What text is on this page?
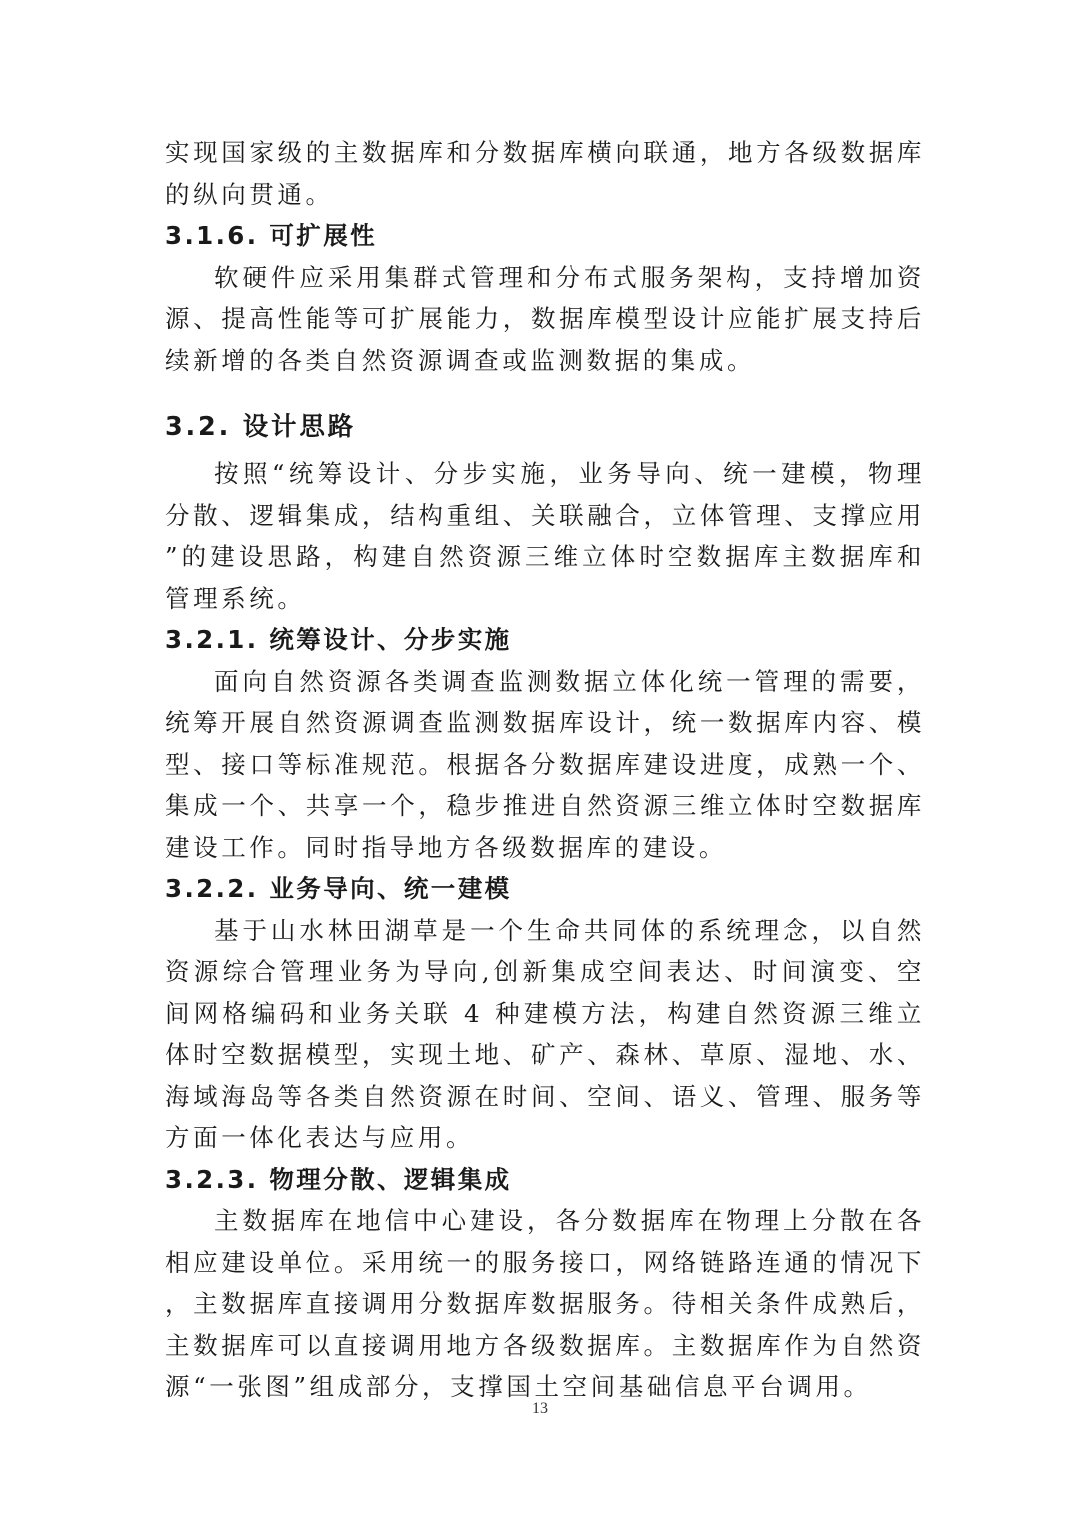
实现国家级的主数据库和分数据库横向联通，地方各级数据库的纵向贯通。

3.1.6. 可扩展性

软硬件应采用集群式管理和分布式服务架构，支持增加资源、提高性能等可扩展能力，数据库模型设计应能扩展支持后续新增的各类自然资源调查或监测数据的集成。

3.2. 设计思路

按照“统筹设计、分步实施，业务导向、统一建模，物理分散、逻辑集成，结构重组、关联融合，立体管理、支撑应用”的建设思路，构建自然资源三维立体时空数据库主数据库和管理系统。

3.2.1. 统筹设计、分步实施

面向自然资源各类调查监测数据立体化统一管理的需要，统筹开展自然资源调查监测数据库设计，统一数据库内容、模型、接口等标准规范。根据各分数据库建设进度，成熟一个、集成一个、共享一个，稳步推进自然资源三维立体时空数据库建设工作。同时指导地方各级数据库的建设。

3.2.2. 业务导向、统一建模

基于山水林田湖草是一个生命共同体的系统理念，以自然资源综合管理业务为导向,创新集成空间表达、时间演变、空间网格编码和业务关联 4 种建模方法，构建自然资源三维立体时空数据模型，实现土地、矿产、森林、草原、湿地、水、海域海岛等各类自然资源在时间、空间、语义、管理、服务等方面一体化表达与应用。

3.2.3. 物理分散、逻辑集成

主数据库在地信中心建设，各分数据库在物理上分散在各相应建设单位。采用统一的服务接口，网络链路连通的情况下，主数据库直接调用分数据库数据服务。待相关条件成熟后，主数据库可以直接调用地方各级数据库。主数据库作为自然资源“一张图”组成部分，支撑国土空间基础信息平台调用。

13
